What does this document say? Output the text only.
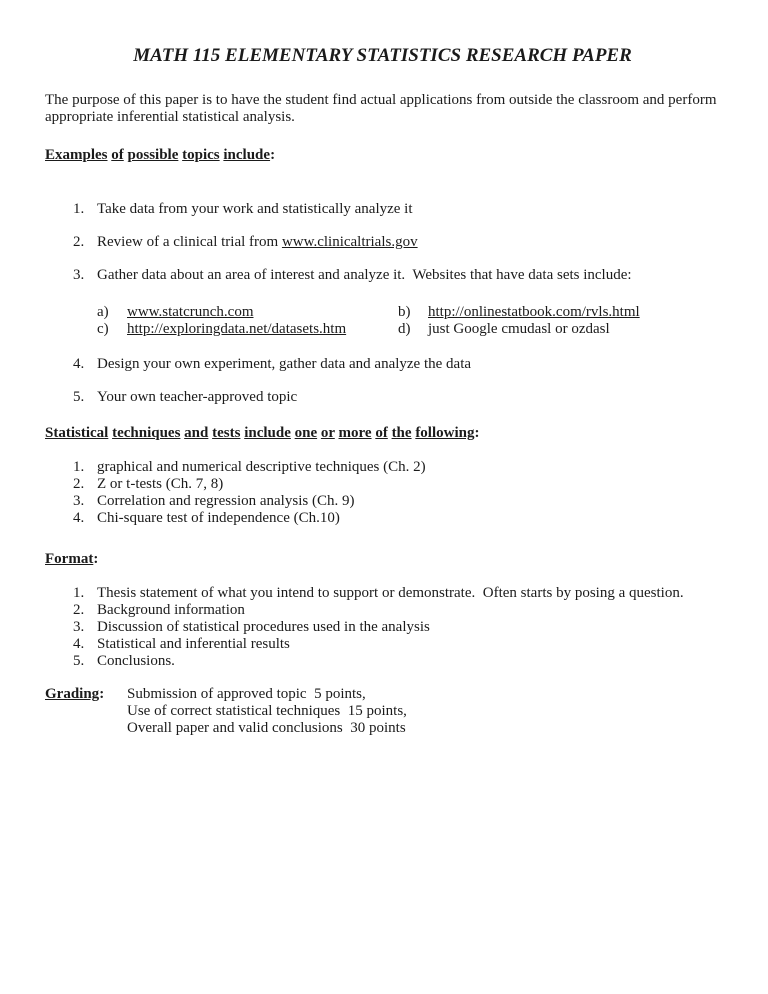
MATH 115 ELEMENTARY STATISTICS RESEARCH PAPER

The purpose of this paper is to have the student find actual applications from outside the classroom and perform appropriate inferential statistical analysis.

Examples of possible topics include:
1. Take data from your work and statistically analyze it
2. Review of a clinical trial from www.clinicaltrials.gov
3. Gather data about an area of interest and analyze it.  Websites that have data sets include:
a)	www.statcrunch.com	b)	http://onlinestatbook.com/rvls.html
c)	http://exploringdata.net/datasets.htm	d)	just Google cmudasl or ozdasl
4. Design your own experiment, gather data and analyze the data
5. Your own teacher-approved topic
Statistical techniques and tests include one or more of the following:
1. graphical and numerical descriptive techniques (Ch. 2)
2. Z or t-tests (Ch. 7, 8)
3. Correlation and regression analysis (Ch. 9)
4. Chi-square test of independence (Ch.10)
Format:
1. Thesis statement of what you intend to support or demonstrate.  Often starts by posing a question.
2. Background information
3. Discussion of statistical procedures used in the analysis
4. Statistical and inferential results
5. Conclusions.
Grading:	Submission of approved topic  5 points,
Use of correct statistical techniques  15 points,
Overall paper and valid conclusions  30 points
